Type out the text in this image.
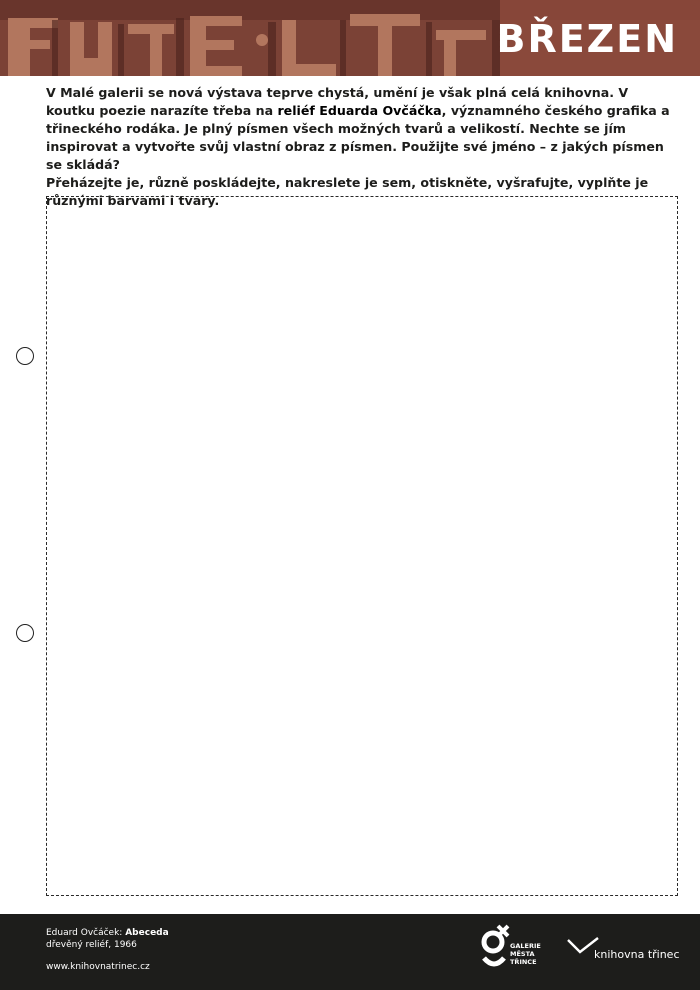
BŘEZEN

V Malé galerii se nová výstava teprve chystá, umění je však plná celá knihovna. V koutku poezie narazíte třeba na reliéf Eduarda Ovčáčka, významného českého grafika a třineckého rodáka. Je plný písmen všech možných tvarů a velikostí. Nechte se jím inspirovat a vytvořte svůj vlastní obraz z písmen. Použijte své jméno – z jakých písmen se skládá?

Přeházejte je, různě poskládejte, nakreslete je sem, otiskněte, vyšrafujte, vyplňte je různými barvami i tvary.

Eduard Ovčáček: Abeceda
dřevěný reliéf, 1966
www.knihovnatrinec.cz
GALERIE
MĚSTA
TŘINCE
knihovna třinec
